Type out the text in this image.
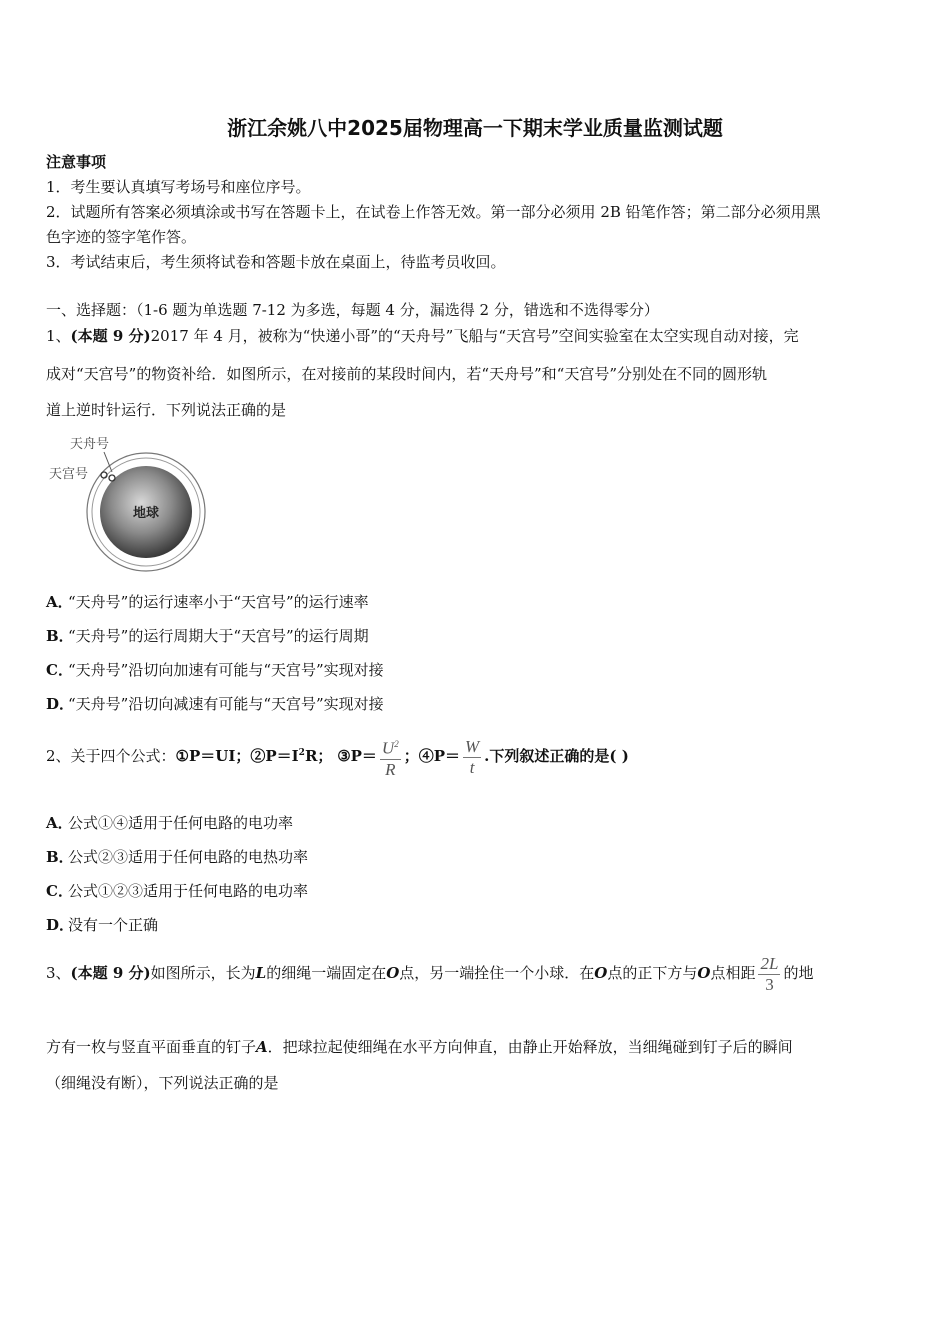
浙江余姚八中2025届物理高一下期末学业质量监测试题
注意事项
1．考生要认真填写考场号和座位序号。
2．试题所有答案必须填涂或书写在答题卡上，在试卷上作答无效。第一部分必须用 2B 铅笔作答；第二部分必须用黑
色字迹的签字笔作答。
3．考试结束后，考生须将试卷和答题卡放在桌面上，待监考员收回。
一、选择题：（1-6 题为单选题 7-12 为多选，每题 4 分，漏选得 2 分，错选和不选得零分）
1、(本题 9 分)2017 年 4 月，被称为“快递小哥”的“天舟号”飞船与“天宫号”空间实验室在太空实现自动对接，完
成对“天宫号”的物资补给．如图所示，在对接前的某段时间内，若“天舟号”和“天宫号”分别处在不同的圆形轨
道上逆时针运行．下列说法正确的是
地球
天舟号
天宫号
A．“天舟号”的运行速率小于“天宫号”的运行速率
B．“天舟号”的运行周期大于“天宫号”的运行周期
C．“天舟号”沿切向加速有可能与“天宫号”实现对接
D．“天舟号”沿切向减速有可能与“天宫号”实现对接
2、关于四个公式：①P＝UI；$②P=I^2R$； ③P＝ $\frac{U^2}{R}$ ；④P＝ $\frac{W}{t}$ .下列叙述正确的是( )
A．公式①④适用于任何电路的电功率
B．公式②③适用于任何电路的电热功率
C．公式①②③适用于任何电路的电功率
D．没有一个正确
3、(本题 9 分)如图所示，长为L的细绳一端固定在O点，另一端拴住一个小球．在O点的正下方与O点相距 $\frac{2L}{3}$ 的地
方有一枚与竖直平面垂直的钉子A．把球拉起使细绳在水平方向伸直，由静止开始释放，当细绳碰到钉子后的瞬间
（细绳没有断），下列说法正确的是
